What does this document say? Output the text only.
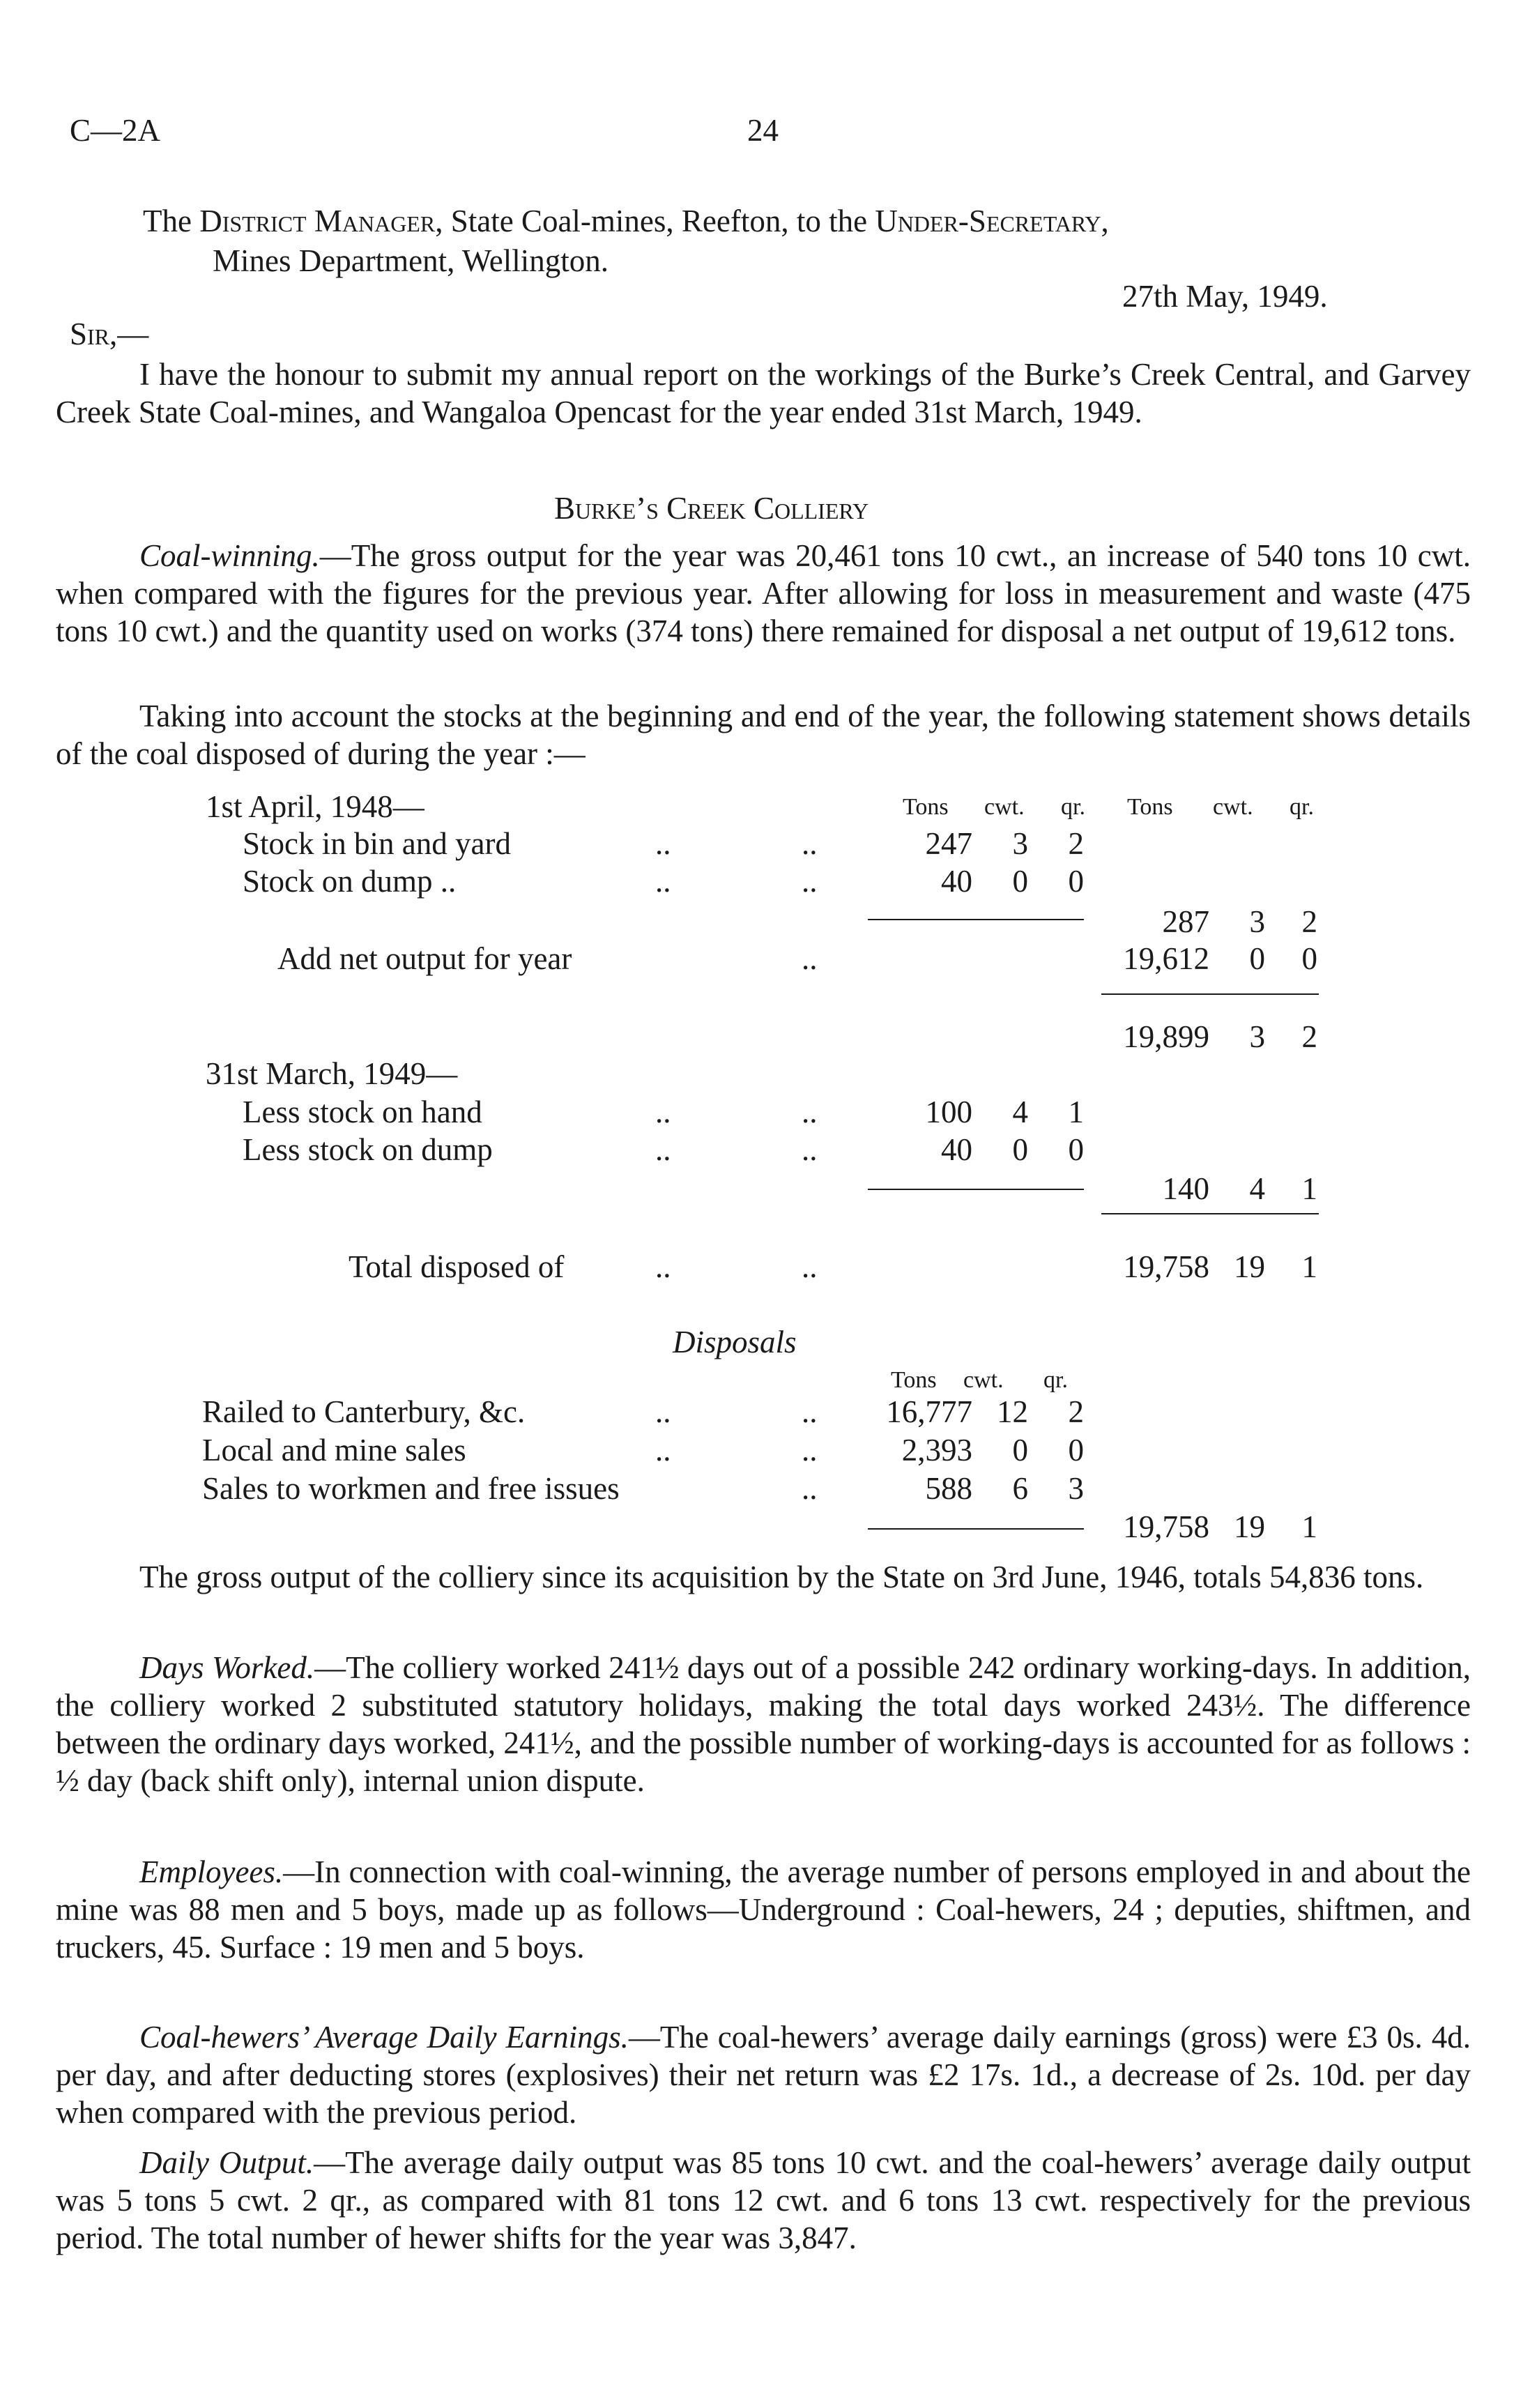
C—2A	24
The District Manager, State Coal-mines, Reefton, to the Under-Secretary,
Mines Department, Wellington.
27th May, 1949.
Sir,—

I have the honour to submit my annual report on the workings of the Burke’s Creek Central, and Garvey Creek State Coal-mines, and Wangaloa Opencast for the year ended 31st March, 1949.

Burke’s Creek Colliery

Coal-winning.—The gross output for the year was 20,461 tons 10 cwt., an increase of 540 tons 10 cwt. when compared with the figures for the previous year. After allowing for loss in measurement and waste (475 tons 10 cwt.) and the quantity used on works (374 tons) there remained for disposal a net output of 19,612 tons.

Taking into account the stocks at the beginning and end of the year, the following statement shows details of the coal disposed of during the year :—

Tons cwt. qr. Tons cwt. qr.
1st April, 1948—
Stock in bin and yard	..	..	247 3 2
Stock on dump ..	..	..	40 0 0
287 3 2
Add net output for year	..	19,612 0 0
19,899 3 2
31st March, 1949—
Less stock on hand	..	..	100 4 1
Less stock on dump	..	..	40 0 0
140 4 1
Total disposed of	..	..	19,758 19 1
Disposals
Tons cwt. qr.
Railed to Canterbury, &c.	..	.. 16,777 12 2
Local and mine sales	..	..	2,393 0 0
Sales to workmen and free issues	..	588 6 3
19,758 19 1

The gross output of the colliery since its acquisition by the State on 3rd June, 1946, totals 54,836 tons.

Days Worked.—The colliery worked 241½ days out of a possible 242 ordinary working-days. In addition, the colliery worked 2 substituted statutory holidays, making the total days worked 243½. The difference between the ordinary days worked, 241½, and the possible number of working-days is accounted for as follows : ½ day (back shift only), internal union dispute.

Employees.—In connection with coal-winning, the average number of persons employed in and about the mine was 88 men and 5 boys, made up as follows—Underground : Coal-hewers, 24 ; deputies, shiftmen, and truckers, 45. Surface : 19 men and 5 boys.

Coal-hewers’ Average Daily Earnings.—The coal-hewers’ average daily earnings (gross) were £3 0s. 4d. per day, and after deducting stores (explosives) their net return was £2 17s. 1d., a decrease of 2s. 10d. per day when compared with the previous period.

Daily Output.—The average daily output was 85 tons 10 cwt. and the coal-hewers’ average daily output was 5 tons 5 cwt. 2 qr., as compared with 81 tons 12 cwt. and 6 tons 13 cwt. respectively for the previous period. The total number of hewer shifts for the year was 3,847.
